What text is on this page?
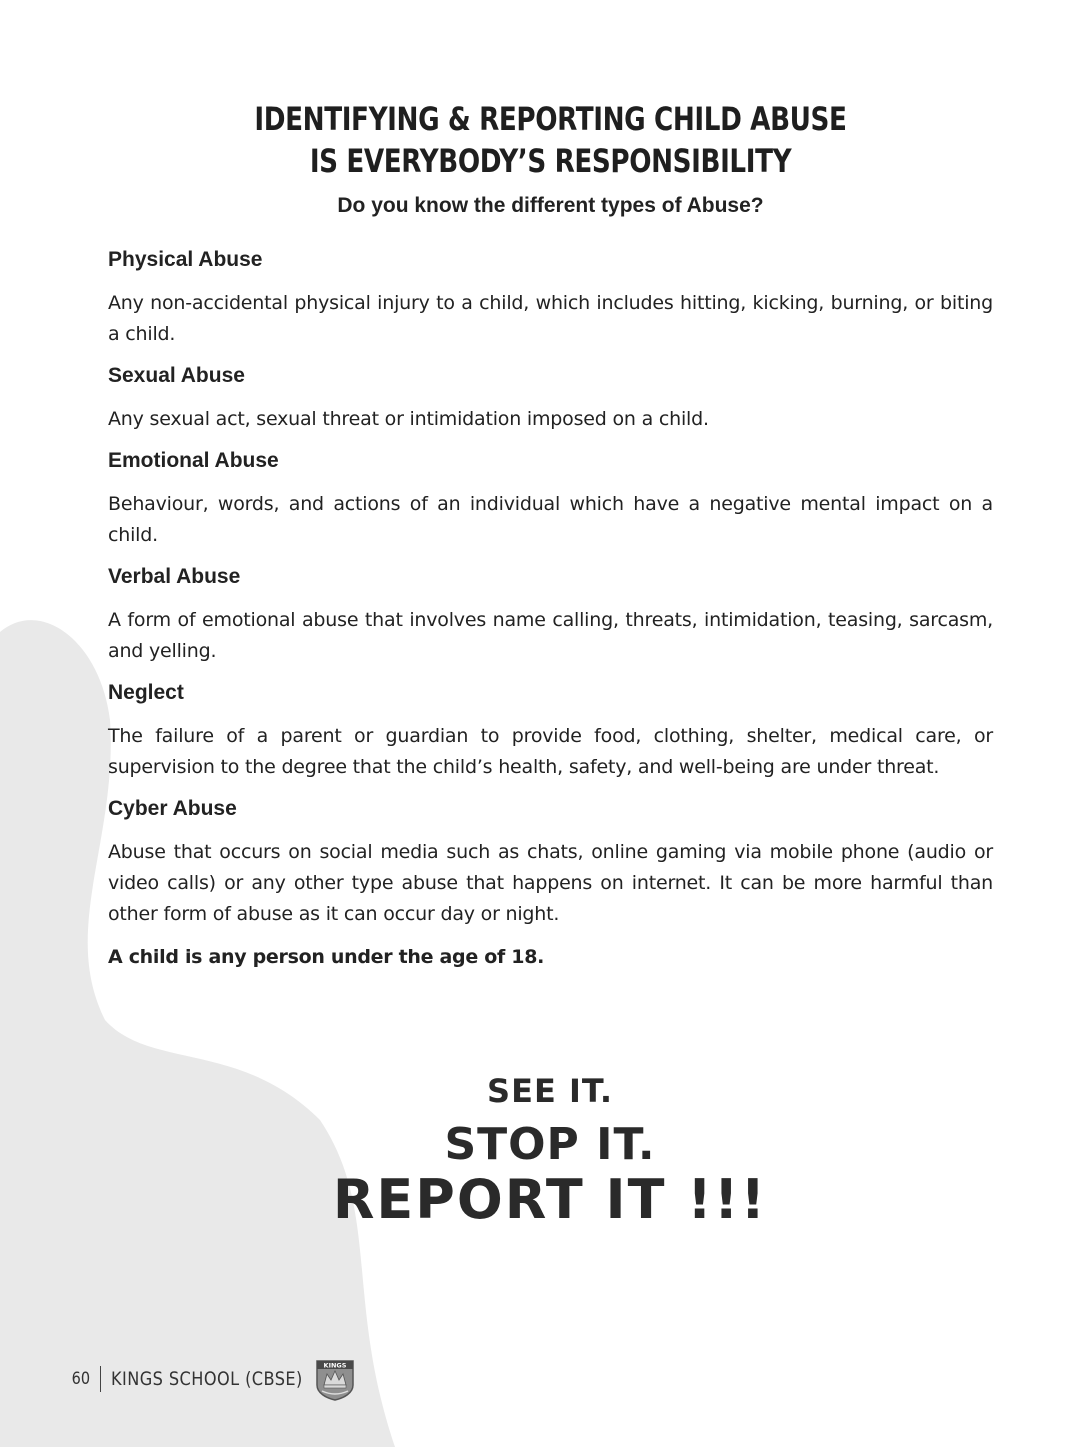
IDENTIFYING & REPORTING CHILD ABUSE
IS EVERYBODY’S RESPONSIBILITY

Do you know the different types of Abuse?

Physical Abuse

Any non-accidental physical injury to a child, which includes hitting, kicking, burning, or biting a child.

Sexual Abuse

Any sexual act, sexual threat or intimidation imposed on a child.

Emotional Abuse

Behaviour, words, and actions of an individual which have a negative mental impact on a child.

Verbal Abuse

A form of emotional abuse that involves name calling, threats, intimidation, teasing, sarcasm, and yelling.

Neglect

The failure of a parent or guardian to provide food, clothing, shelter, medical care, or supervision to the degree that the child’s health, safety, and well-being are under threat.

Cyber Abuse

Abuse that occurs on social media such as chats, online gaming via mobile phone (audio or video calls) or any other type abuse that happens on internet. It can be more harmful than other form of abuse as it can occur day or night.

A child is any person under the age of 18.

SEE IT.

STOP IT.

REPORT IT !!!

60 KINGS SCHOOL (CBSE)
KINGS
